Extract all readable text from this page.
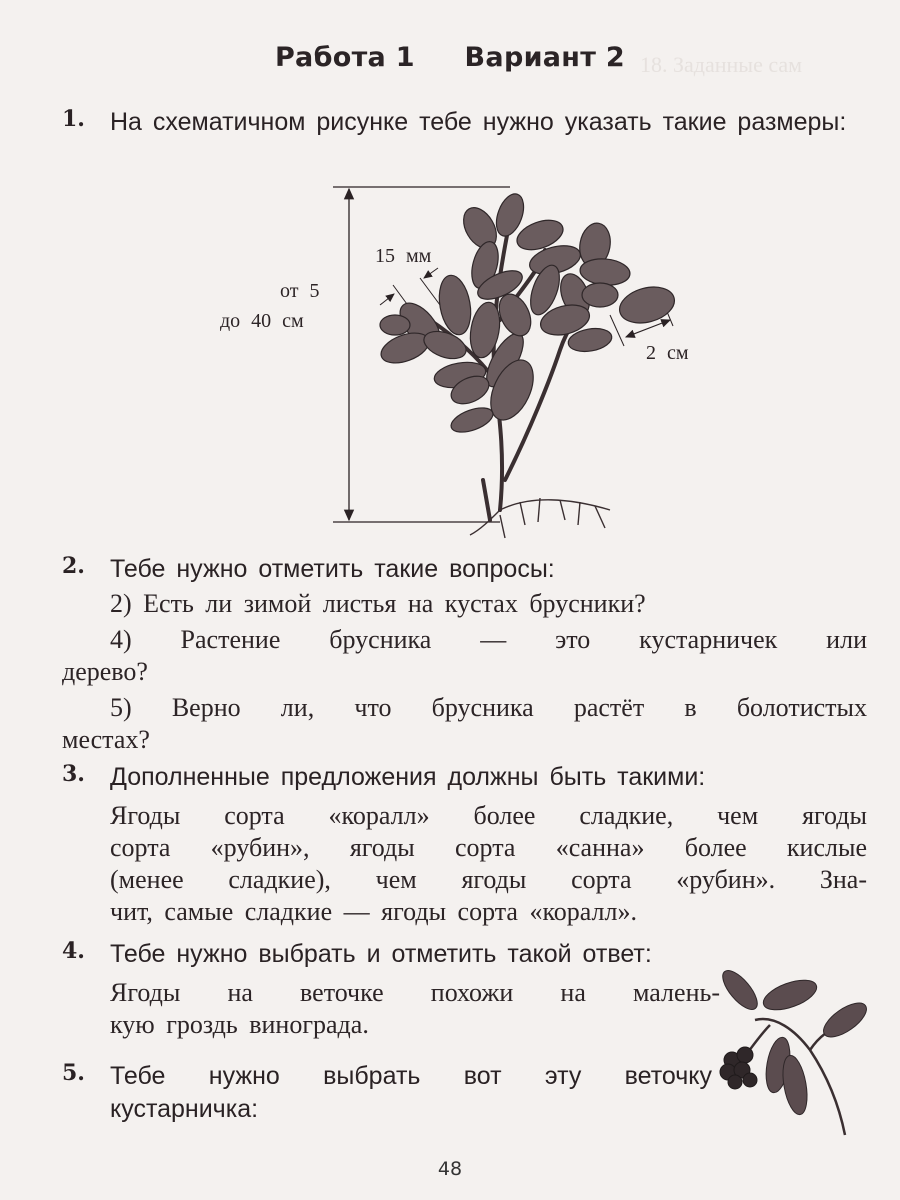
18. Заданные сам
Работа 1 Вариант 2
1. На схематичном рисунке тебе нужно указать такие размеры:
от 5
до 40 см
15 мм
2 см
2. Тебе нужно отметить такие вопросы:

2) Есть ли зимой листья на кустах брусники?

4) Растение брусника — это кустарничек или

дерево?

5) Верно ли, что брусника растёт в болотистых

местах?

3. Дополненные предложения должны быть такими:

Ягоды сорта «коралл» более сладкие, чем ягоды

сорта «рубин», ягоды сорта «санна» более кислые

(менее сладкие), чем ягоды сорта «рубин». Зна-

чит, самые сладкие — ягоды сорта «коралл».

4. Тебе нужно выбрать и отметить такой ответ:

Ягоды на веточке похожи на малень-

кую гроздь винограда.

5. Тебе нужно выбрать вот эту веточку
кустарничка:
48
